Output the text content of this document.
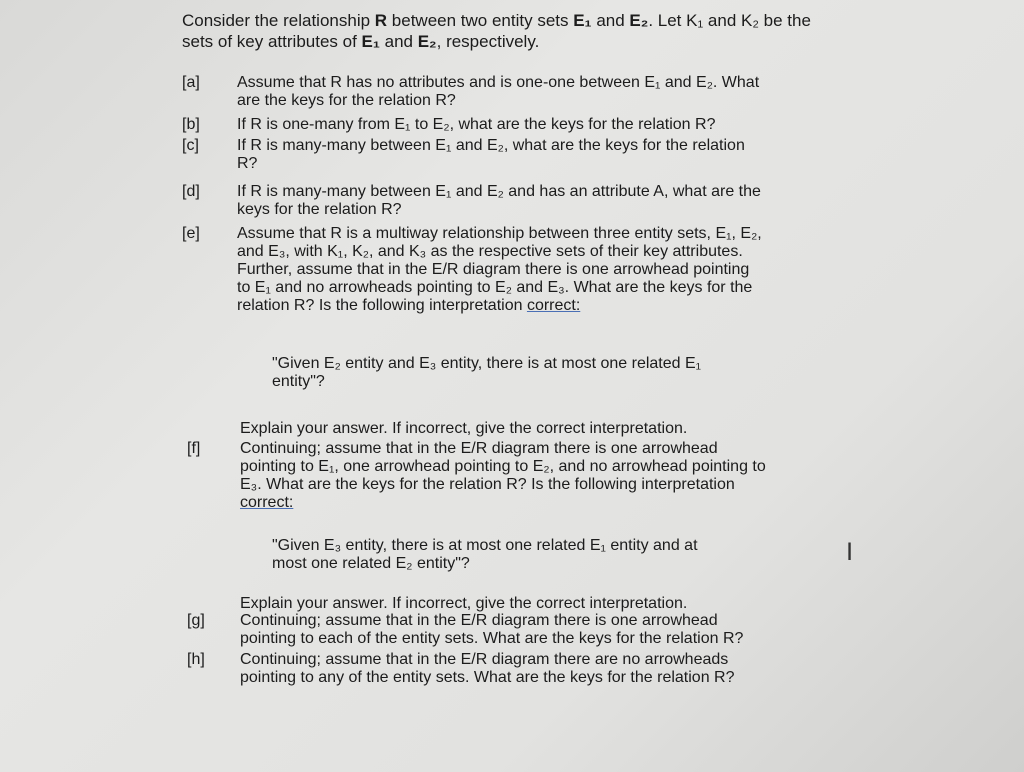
Consider the relationship R between two entity sets E₁ and E₂. Let K₁ and K₂ be the sets of key attributes of E₁ and E₂, respectively.
[a] Assume that R has no attributes and is one-one between E₁ and E₂. What
are the keys for the relation R?
[b] If R is one-many from E₁ to E₂, what are the keys for the relation R?
[c] If R is many-many between E₁ and E₂, what are the keys for the relation
R?
[d] If R is many-many between E₁ and E₂ and has an attribute A, what are the
keys for the relation R?
[e] Assume that R is a multiway relationship between three entity sets, E₁, E₂,
and E₃, with K₁, K₂, and K₃ as the respective sets of their key attributes.
Further, assume that in the E/R diagram there is one arrowhead pointing
to E₁ and no arrowheads pointing to E₂ and E₃. What are the keys for the
relation R? Is the following interpretation correct:
"Given E₂ entity and E₃ entity, there is at most one related E₁
entity"?
Explain your answer. If incorrect, give the correct interpretation.
[f] Continuing; assume that in the E/R diagram there is one arrowhead
pointing to E₁, one arrowhead pointing to E₂, and no arrowhead pointing to
E₃. What are the keys for the relation R? Is the following interpretation
correct:
"Given E₃ entity, there is at most one related E₁ entity and at
most one related E₂ entity"?
Explain your answer. If incorrect, give the correct interpretation.
[g] Continuing; assume that in the E/R diagram there is one arrowhead
pointing to each of the entity sets. What are the keys for the relation R?
[h] Continuing; assume that in the E/R diagram there are no arrowheads
pointing to any of the entity sets. What are the keys for the relation R?
I
